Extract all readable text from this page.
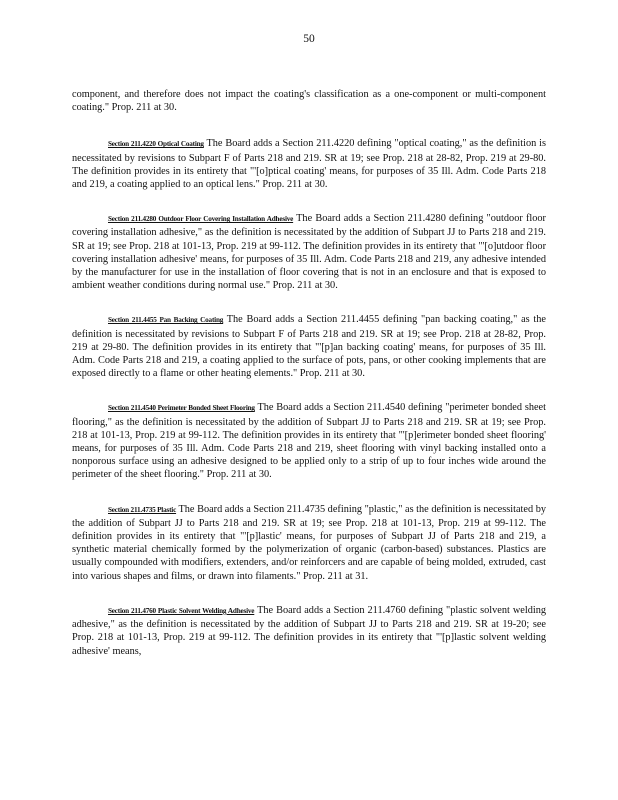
50

component, and therefore does not impact the coating's classification as a one-component or multi-component coating." Prop. 211 at 30.

Section 211.4220 Optical Coating The Board adds a Section 211.4220 defining "optical coating," as the definition is necessitated by revisions to Subpart F of Parts 218 and 219. SR at 19; see Prop. 218 at 28-82, Prop. 219 at 29-80. The definition provides in its entirety that "'[o]ptical coating' means, for purposes of 35 Ill. Adm. Code Parts 218 and 219, a coating applied to an optical lens." Prop. 211 at 30.

Section 211.4280 Outdoor Floor Covering Installation Adhesive The Board adds a Section 211.4280 defining "outdoor floor covering installation adhesive," as the definition is necessitated by the addition of Subpart JJ to Parts 218 and 219. SR at 19; see Prop. 218 at 101-13, Prop. 219 at 99-112. The definition provides in its entirety that "'[o]utdoor floor covering installation adhesive' means, for purposes of 35 Ill. Adm. Code Parts 218 and 219, any adhesive intended by the manufacturer for use in the installation of floor covering that is not in an enclosure and that is exposed to ambient weather conditions during normal use." Prop. 211 at 30.

Section 211.4455 Pan Backing Coating The Board adds a Section 211.4455 defining "pan backing coating," as the definition is necessitated by revisions to Subpart F of Parts 218 and 219. SR at 19; see Prop. 218 at 28-82, Prop. 219 at 29-80. The definition provides in its entirety that "'[p]an backing coating' means, for purposes of 35 Ill. Adm. Code Parts 218 and 219, a coating applied to the surface of pots, pans, or other cooking implements that are exposed directly to a flame or other heating elements." Prop. 211 at 30.

Section 211.4540 Perimeter Bonded Sheet Flooring The Board adds a Section 211.4540 defining "perimeter bonded sheet flooring," as the definition is necessitated by the addition of Subpart JJ to Parts 218 and 219. SR at 19; see Prop. 218 at 101-13, Prop. 219 at 99-112. The definition provides in its entirety that "'[p]erimeter bonded sheet flooring' means, for purposes of 35 Ill. Adm. Code Parts 218 and 219, sheet flooring with vinyl backing installed onto a nonporous surface using an adhesive designed to be applied only to a strip of up to four inches wide around the perimeter of the sheet flooring." Prop. 211 at 30.

Section 211.4735 Plastic The Board adds a Section 211.4735 defining "plastic," as the definition is necessitated by the addition of Subpart JJ to Parts 218 and 219. SR at 19; see Prop. 218 at 101-13, Prop. 219 at 99-112. The definition provides in its entirety that "'[p]lastic' means, for purposes of Subpart JJ of Parts 218 and 219, a synthetic material chemically formed by the polymerization of organic (carbon-based) substances. Plastics are usually compounded with modifiers, extenders, and/or reinforcers and are capable of being molded, extruded, cast into various shapes and films, or drawn into filaments." Prop. 211 at 31.

Section 211.4760 Plastic Solvent Welding Adhesive The Board adds a Section 211.4760 defining "plastic solvent welding adhesive," as the definition is necessitated by the addition of Subpart JJ to Parts 218 and 219. SR at 19-20; see Prop. 218 at 101-13, Prop. 219 at 99-112. The definition provides in its entirety that "'[p]lastic solvent welding adhesive' means,
